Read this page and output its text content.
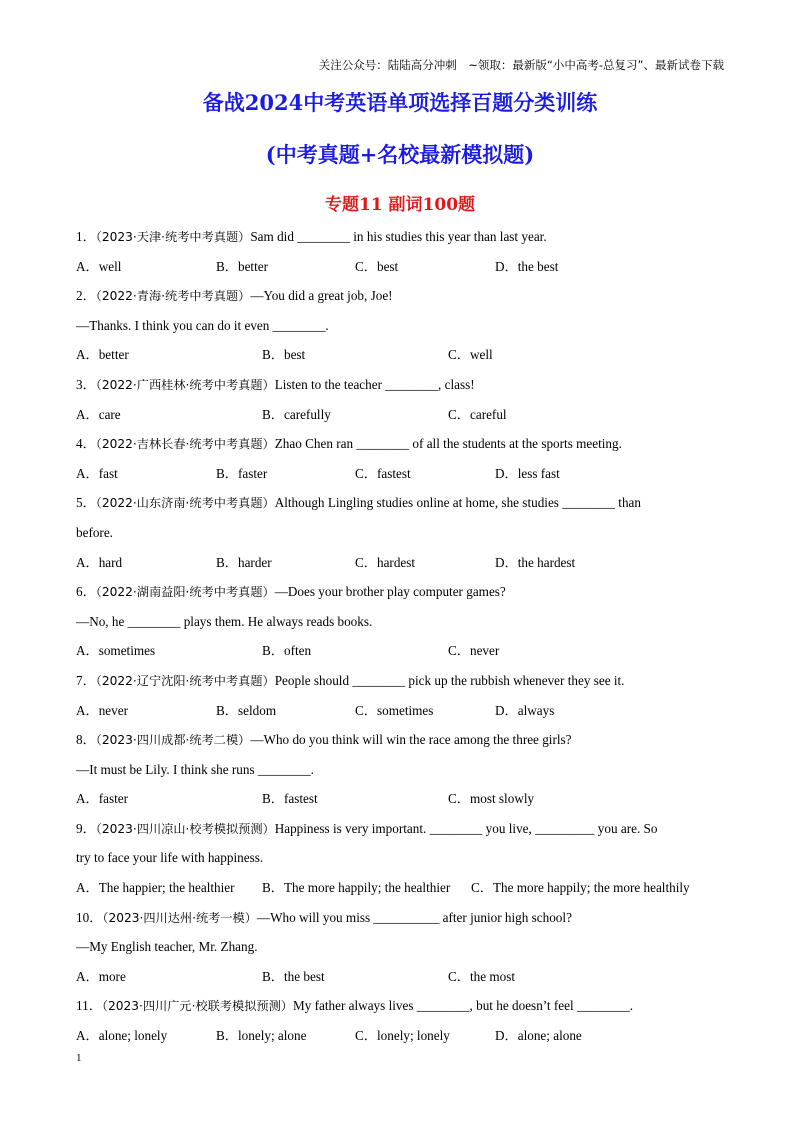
关注公众号：陆陆高分冲刺　~领取：最新版“小中高考-总复习”、最新试卷下载
备战2024中考英语单项选择百题分类训练
(中考真题+名校最新模拟题)
专题11 副词100题
1．（2023·天津·统考中考真题）Sam did ________ in his studies this year than last year.
A．well	B．better	C．best	D．the best
2．（2022·青海·统考中考真题）—You did a great job, Joe!
—Thanks. I think you can do it even ________.
A．better	B．best	C．well
3．（2022·广西桂林·统考中考真题）Listen to the teacher ________, class!
A．care	B．carefully	C．careful
4．（2022·吉林长春·统考中考真题）Zhao Chen ran ________ of all the students at the sports meeting.
A．fast	B．faster	C．fastest	D．less fast
5．（2022·山东济南·统考中考真题）Although Lingling studies online at home, she studies ________ than
before.
A．hard	B．harder	C．hardest	D．the hardest
6．（2022·湖南益阳·统考中考真题）—Does your brother play computer games?
—No, he ________ plays them. He always reads books.
A．sometimes	B．often	C．never
7．（2022·辽宁沈阳·统考中考真题）People should ________ pick up the rubbish whenever they see it.
A．never	B．seldom	C．sometimes	D．always
8．（2023·四川成都·统考二模）—Who do you think will win the race among the three girls?
—It must be Lily. I think she runs ________.
A．faster	B．fastest	C．most slowly
9．（2023·四川凉山·校考模拟预测）Happiness is very important. ________ you live, _________ you are. So
try to face your life with happiness.
A．The happier; the healthier B．The more happily; the healthier C．The more happily; the more healthily
10．（2023·四川达州·统考一模）—Who will you miss __________ after junior high school?
—My English teacher, Mr. Zhang.
A．more	B．the best	C．the most
11．（2023·四川广元·校联考模拟预测）My father always lives ________, but he doesn’t feel ________.
A．alone; lonely	B．lonely; alone	C．lonely; lonely	D．alone; alone
1
